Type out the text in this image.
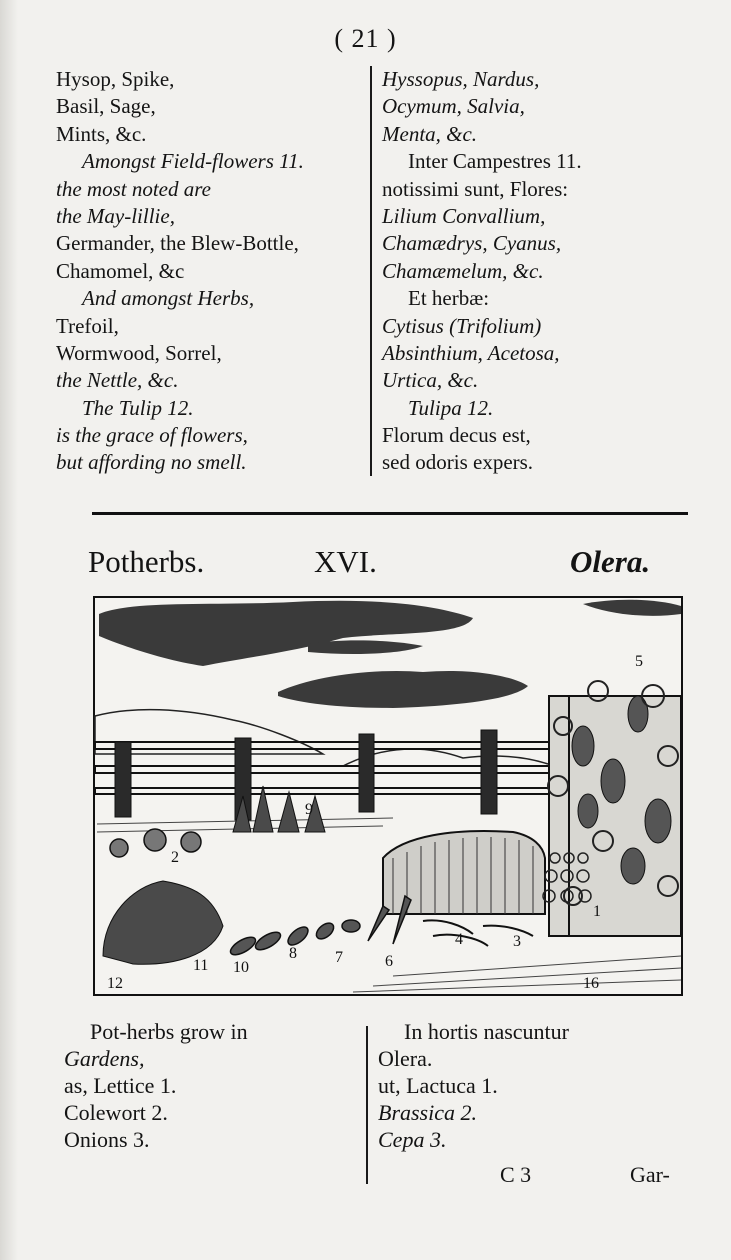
( 21 )
Hysop, Spike,
Basil, Sage,
Mints, &c.
Amongst Field-flowers 11.
the most noted are
the May-lillie,
Germander, the Blew-Bottle,
Chamomel, &c
And amongst Herbs,
Trefoil,
Wormwood, Sorrel,
the Nettle, &c.
The Tulip 12.
is the grace of flowers,
but affording no smell.
Hyssopus, Nardus,
Ocymum, Salvia,
Menta, &c.
Inter Campestres 11.
notissimi sunt, Flores:
Lilium Convallium,
Chamædrys, Cyanus,
Chamæmelum, &c.
Et herbæ:
Cytisus (Trifolium)
Absinthium, Acetosa,
Urtica, &c.
Tulipa 12.
Florum decus est,
sed odoris expers.
Potherbs.	XVI.	Olera.
5
9
2
1
3
4
6
7
8
10
11
12	16
Pot-herbs grow in
Gardens,
as, Lettice 1.
Colewort 2.
Onions 3.
In hortis nascuntur
Olera.
ut, Lactuca 1.
Brassica 2.
Cepa 3.
C 3	Gar-
